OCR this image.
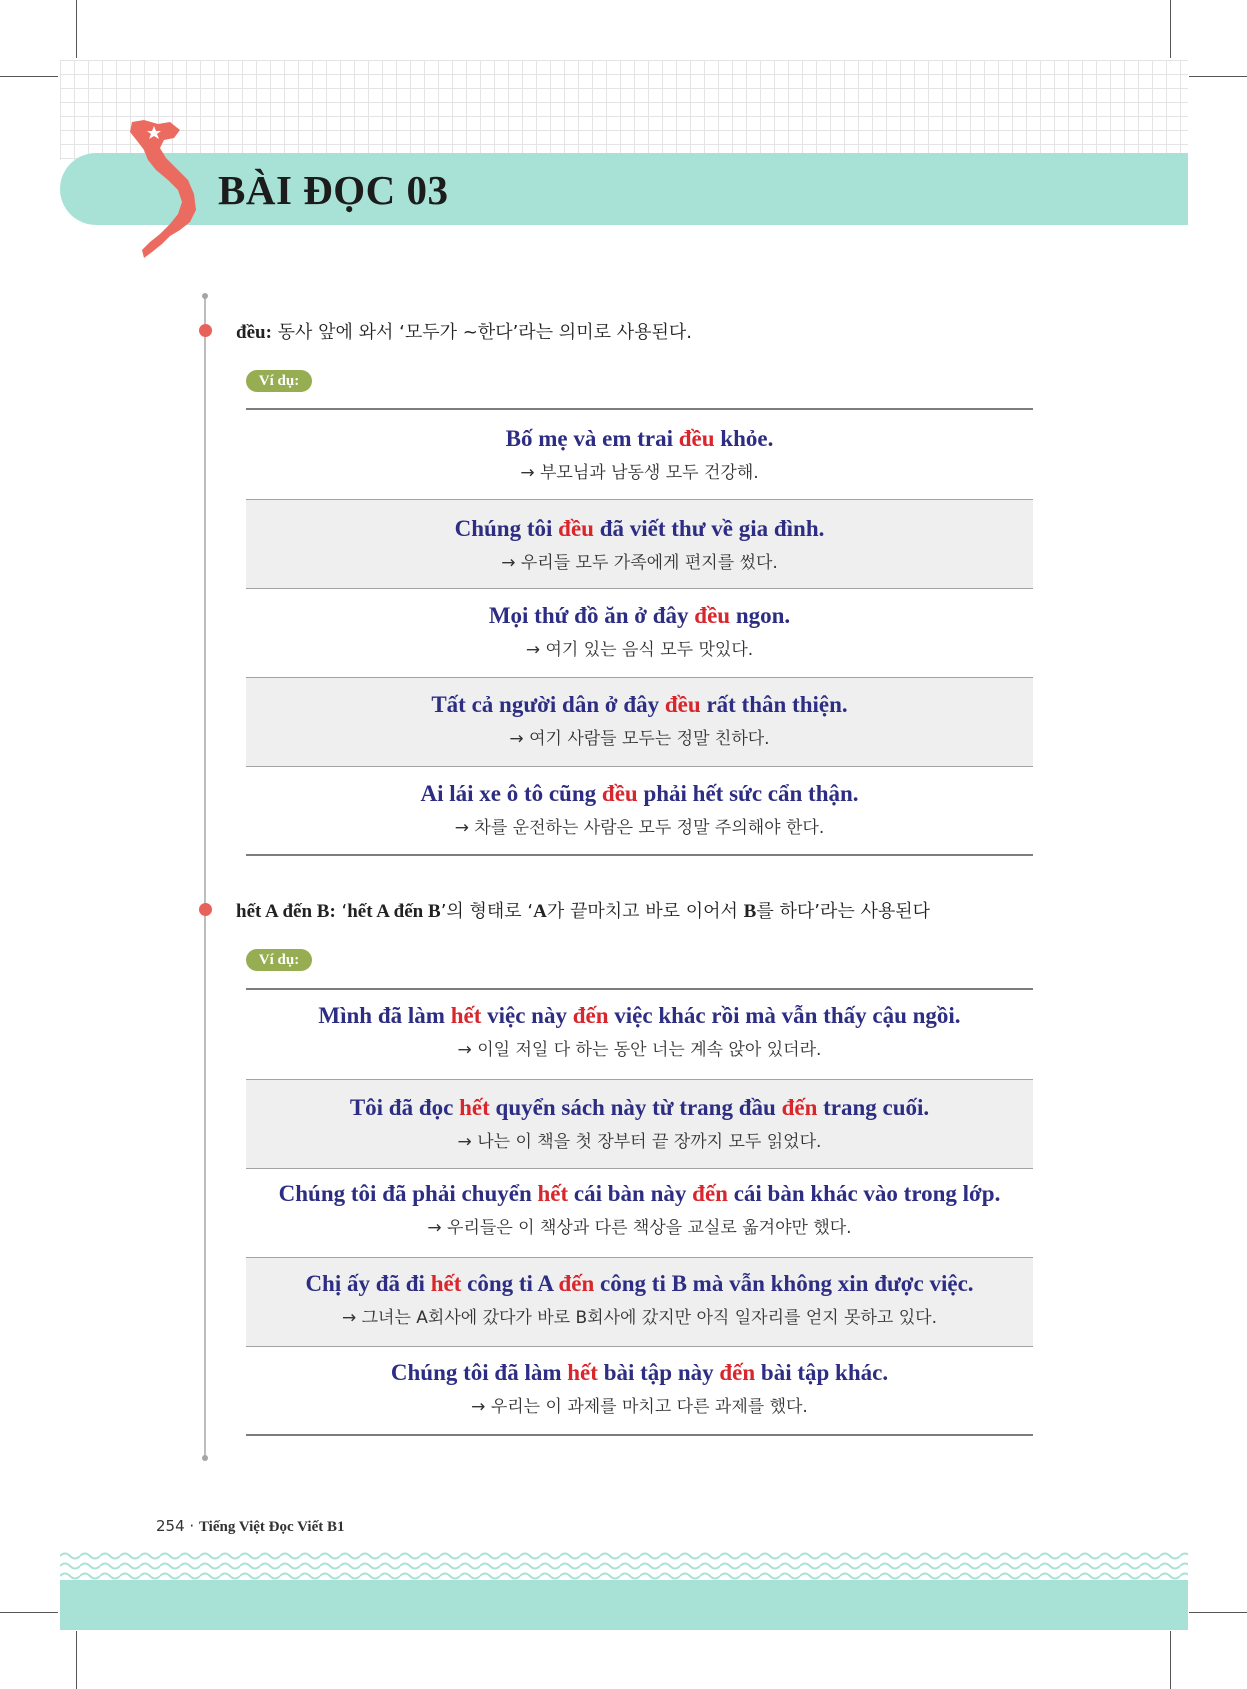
BÀI ĐỌC 03
đều: 동사 앞에 와서 ‘모두가 ~한다’라는 의미로 사용된다.
Ví dụ:
Bố mẹ và em trai đều khỏe.
→ 부모님과 남동생 모두 건강해.
Chúng tôi đều đã viết thư về gia đình.
→ 우리들 모두 가족에게 편지를 썼다.
Mọi thứ đồ ăn ở đây đều ngon.
→ 여기 있는 음식 모두 맛있다.
Tất cả người dân ở đây đều rất thân thiện.
→ 여기 사람들 모두는 정말 친하다.
Ai lái xe ô tô cũng đều phải hết sức cẩn thận.
→ 차를 운전하는 사람은 모두 정말 주의해야 한다.
hết A đến B: ‘hết A đến B’의 형태로 ‘A가 끝마치고 바로 이어서 B를 하다’라는 사용된다
Ví dụ:
Mình đã làm hết việc này đến việc khác rồi mà vẫn thấy cậu ngồi.
→ 이일 저일 다 하는 동안 너는 계속 앉아 있더라.
Tôi đã đọc hết quyển sách này từ trang đầu đến trang cuối.
→ 나는 이 책을 첫 장부터 끝 장까지 모두 읽었다.
Chúng tôi đã phải chuyển hết cái bàn này đến cái bàn khác vào trong lớp.
→ 우리들은 이 책상과 다른 책상을 교실로 옮겨야만 했다.
Chị ấy đã đi hết công ti A đến công ti B mà vẫn không xin được việc.
→ 그녀는 A회사에 갔다가 바로 B회사에 갔지만 아직 일자리를 얻지 못하고 있다.
Chúng tôi đã làm hết bài tập này đến bài tập khác.
→ 우리는 이 과제를 마치고 다른 과제를 했다.
254 · Tiếng Việt Đọc Viết B1
